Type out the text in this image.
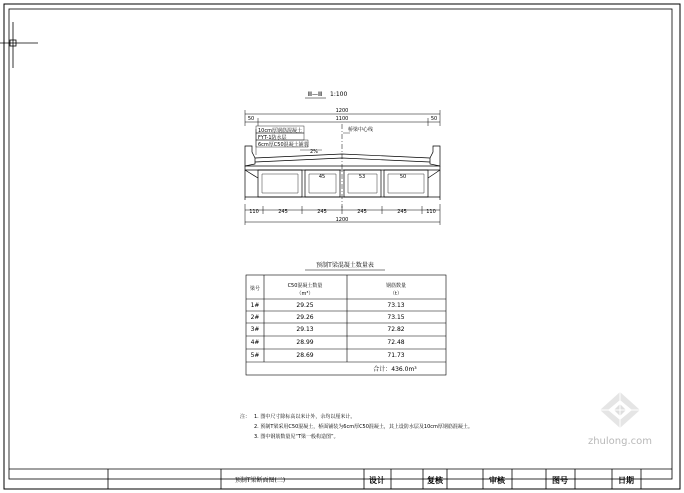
Ⅲ—Ⅲ 1:100
1200
50	1100	50
10cm厚钢筋混凝土
FYT-1防水层
6cm厚C50混凝土铺装
2%
桥梁中心线
45	53	50
110	245	245	245	245	110
1200
预制T梁混凝土数量表
梁号	C50混凝土数量
（m³）
钢筋数量
（t）
1#	29.25	73.13
2#	29.26	73.15
3#	29.13	72.82
4#	28.99	72.48
5#	28.69	71.73
合计：436.0m³
注： 1. 图中尺寸除标高以米计外，余均以厘米计。
2. 预制T梁采用C50混凝土，桥面铺装为6cm厚C50混凝土，其上设防水层及10cm厚钢筋混凝土。
3. 图中钢筋数量见“T梁一般构造图”。
预制T梁断面图(二)	设计	复核	审核	图号	日期
zhulong.com
